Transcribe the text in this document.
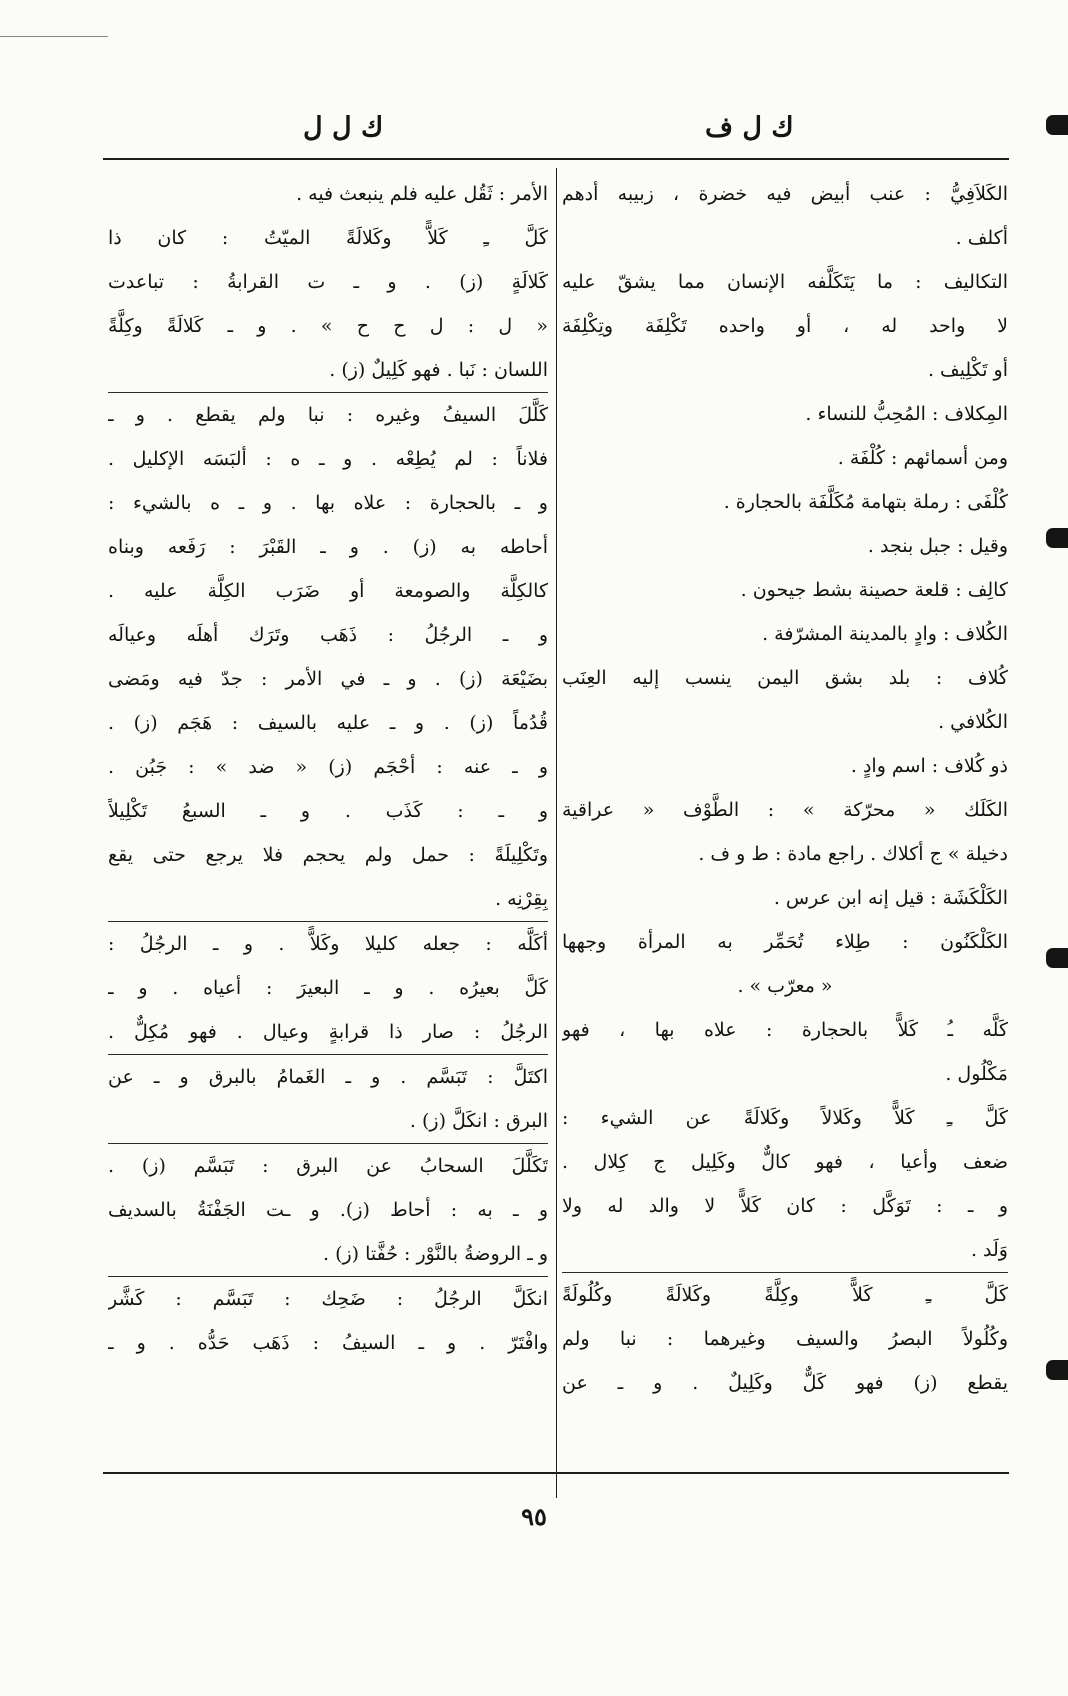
ك ل ف
ك ل ل
الكَلاَفِيُّ : عنب أبيض فيه خضرة ، زبيبه أدهم
أكلف .
التكاليف : ما يَتَكَلَّفه الإنسان مما يشقّ عليه
لا واحد له ، أو واحده تَكْلِفَة وتِكْلِفَة
أو تَكْلِيف .
المِكلاف : المُحِبُّ للنساء .
ومن أسمائهم : كُلْفَة .
كُلْفَى : رملة بتهامة مُكَلَّفَة بالحجارة .
وقيل : جبل بنجد .
كالِف : قلعة حصينة بشط جيحون .
الكُلاف : وادٍ بالمدينة المشرّفة .
كُلاف : بلد بشق اليمن ينسب إليه العِنَب
الكُلافي .
ذو كُلاف : اسم وادٍ .
الكَلَك « محرّكة » : الطَّوْف « عراقية
دخيلة » ج أكلاك . راجع مادة : ط و ف .
الكَلْكَشَة : قيل إنه ابن عرس .
الكَلْكَنُون : طِلاء تُحَمِّر به المرأة وجهها
« معرّب » .
كَلَّه ـُ كَلاًّ بالحجارة : علاه بها ، فهو
مَكْلُول .
كَلَّ ـِ كَلاًّ وكَلالاً وكَلالَةً عن الشيء :
ضعف وأعيا ، فهو كالٌّ وكَلِيل ج كِلال .
و ـ : تَوَكَّل : كان كَلاًّ لا والد له ولا
وَلَد .
كَلَّ ـِ كَلاًّ وكِلَّةً وكَلالَةً وكُلُولَةً
وكُلُولاً البصرُ والسيف وغيرهما : نبا ولم
يقطع (ز) فهو كَلٌّ وكَلِيلٌ . و ـ عن
الأمر : ثَقُل عليه فلم ينبعث فيه .
كَلَّ ـِ كَلاًّ وكَلالَةً الميّتُ : كان ذا
كَلالَةٍ (ز) . و ـ ت القرابةُ : تباعدت
« ل : ل ح ح » . و ـ كَلالَةً وكِلَّةً
اللسان : نَبا . فهو كَلِيلٌ (ز) .
كَلَّلَ السيفُ وغيره : نبا ولم يقطع . و ـ
فلاناً : لم يُطِعْه . و ـ ه : ألبَسَه الإكليل .
و ـ بالحجارة : علاه بها . و ـ ه بالشيء :
أحاطه به (ز) . و ـ القَبْرَ : رَفَعه وبناه
كالكِلَّة والصومعة أو ضَرَب الكِلَّة عليه .
و ـ الرجُلُ : ذَهَب وتَرَك أهلَه وعيالَه
بضَيْعَة (ز) . و ـ في الأمر : جدّ فيه ومَضى
قُدُماً (ز) . و ـ عليه بالسيف : هَجَم (ز) .
و ـ عنه : أحْجَم (ز) « ضد » : جَبُن .
و ـ : كَذَب . و ـ السبعُ تَكْلِيلاً
وتَكْلِيلَةً : حمل ولم يحجم فلا يرجع حتى يقع
بِقِرْنِه .
أكَلَّه : جعله كليلا وكَلاًّ . و ـ الرجُلُ :
كَلَّ بعيرُه . و ـ البعيرَ : أعياه . و ـ
الرجُلُ : صار ذا قرابةٍ وعيال . فهو مُكِلٌّ .
اكتَلَّ : تَبَسَّم . و ـ الغَمامُ بالبرق و ـ عن
البرق : انكَلَّ (ز) .
تَكَلَّلَ السحابُ عن البرق : تَبَسَّم (ز) .
و ـ به : أحاط (ز). و ـت الجَفْنَةُ بالسديف
و ـ الروضةُ بالنَّوْر : حُفَّتا (ز) .
انكَلَّ الرجُلُ : ضَحِك : تَبَسَّم : كَشَّر
وافْتَرّ . و ـ السيفُ : ذَهَب حَدُّه . و ـ
٩٥
